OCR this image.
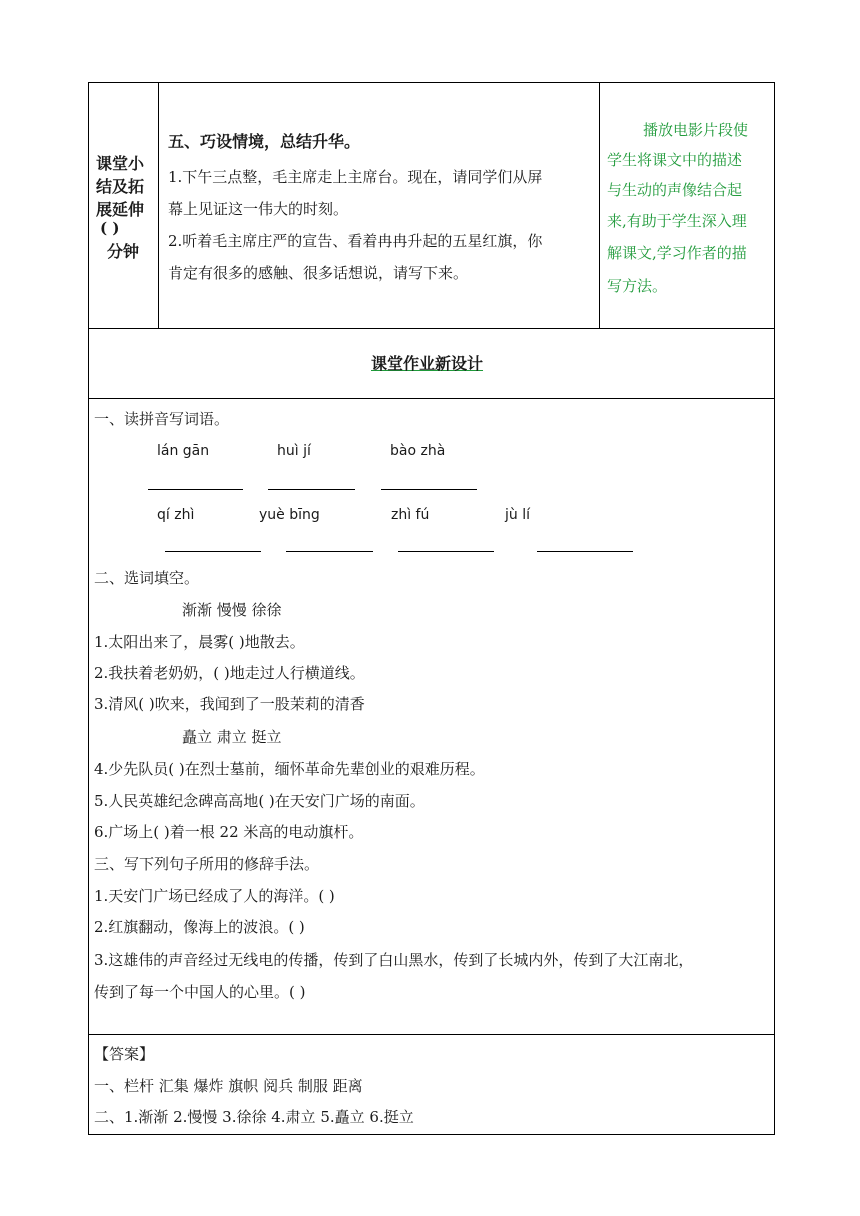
课堂小
结及拓
展延伸
( )
分钟
五、巧设情境，总结升华。
1.下午三点整，毛主席走上主席台。现在，请同学们从屏
幕上见证这一伟大的时刻。
2.听着毛主席庄严的宣告、看着冉冉升起的五星红旗，你
肯定有很多的感触、很多话想说，请写下来。
播放电影片段使
学生将课文中的描述
与生动的声像结合起
来,有助于学生深入理
解课文,学习作者的描
写方法。
课堂作业新设计
一、读拼音写词语。
lán gān	huì jí	bào zhà
qí zhì	yuè bīng	zhì fú	jù lí
二、选词填空。
渐渐 慢慢 徐徐
1.太阳出来了，晨雾( )地散去。
2.我扶着老奶奶，( )地走过人行横道线。
3.清风( )吹来，我闻到了一股茉莉的清香
矗立 肃立 挺立
4.少先队员( )在烈士墓前，缅怀革命先辈创业的艰难历程。
5.人民英雄纪念碑高高地( )在天安门广场的南面。
6.广场上( )着一根 22 米高的电动旗杆。
三、写下列句子所用的修辞手法。
1.天安门广场已经成了人的海洋。( )
2.红旗翻动，像海上的波浪。( )
3.这雄伟的声音经过无线电的传播，传到了白山黑水，传到了长城内外，传到了大江南北，
传到了每一个中国人的心里。( )
【答案】
一、栏杆 汇集 爆炸 旗帜 阅兵 制服 距离
二、1.渐渐 2.慢慢 3.徐徐 4.肃立 5.矗立 6.挺立
